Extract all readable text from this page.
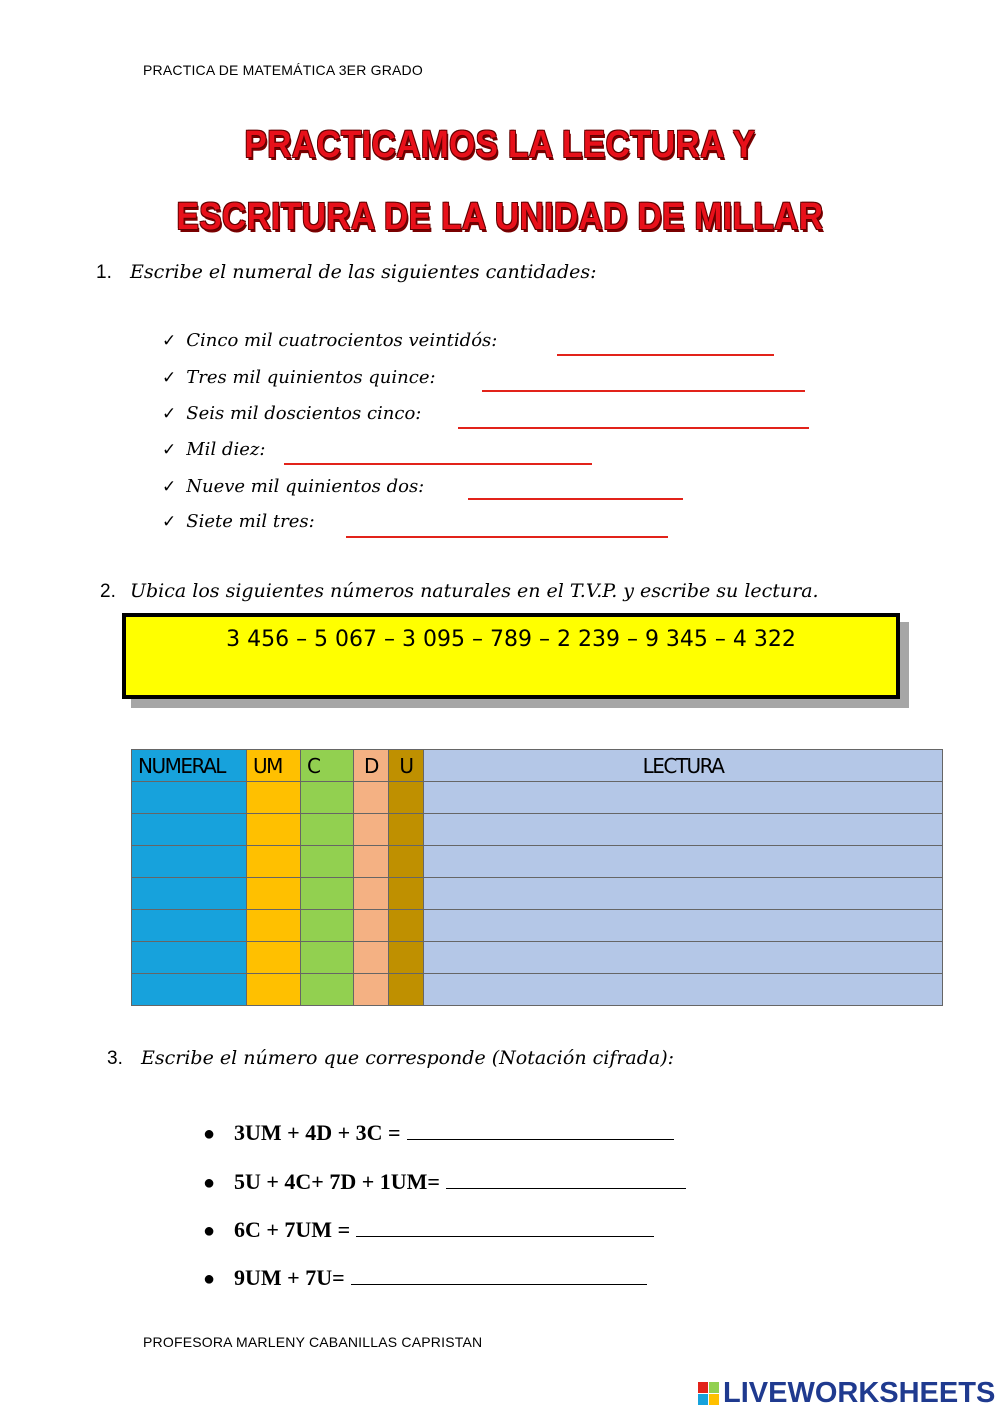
PRACTICA DE MATEMÁTICA 3ER GRADO
PRACTICAMOS LA LECTURA Y
ESCRITURA DE LA UNIDAD DE MILLAR
1. Escribe el numeral de las siguientes cantidades:
✓ Cinco mil cuatrocientos veintidós:
✓ Tres mil quinientos quince:
✓ Seis mil doscientos cinco:
✓ Mil diez:
✓ Nueve mil quinientos dos:
✓ Siete mil tres:
2. Ubica los siguientes números naturales en el T.V.P. y escribe su lectura.
3 456 – 5 067 – 3 095 – 789 – 2 239 – 9 345 – 4 322
NUMERAL	UM	C	D	U	LECTURA

3. Escribe el número que corresponde (Notación cifrada):
● 3UM + 4D + 3C =
● 5U + 4C+ 7D + 1UM=
● 6C + 7UM =
● 9UM + 7U=
PROFESORA MARLENY CABANILLAS CAPRISTAN
LIVEWORKSHEETS
